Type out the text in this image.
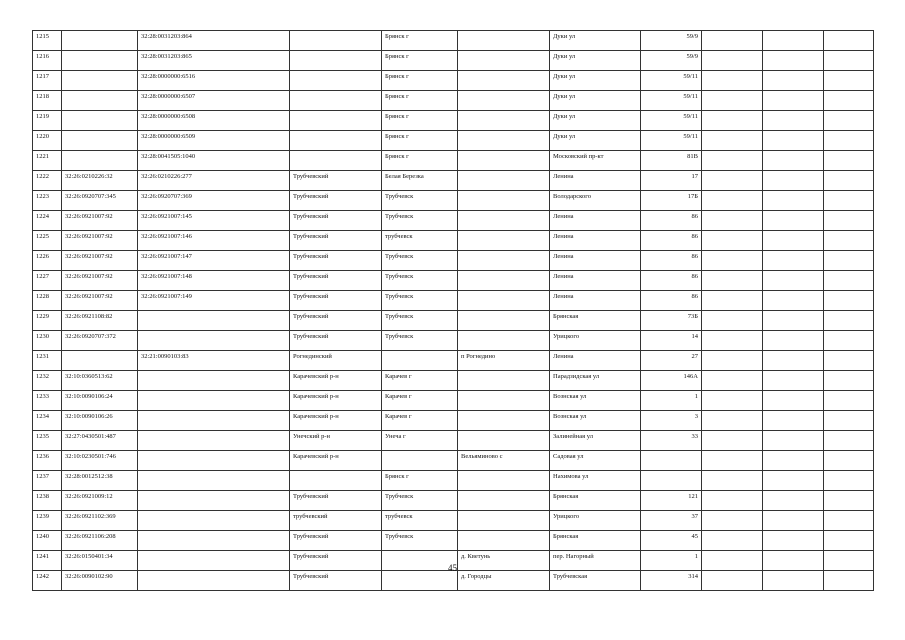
1215		32:28:0031203:864		Брянск г		Дуки ул	59/9			
1216		32:28:0031203:865		Брянск г		Дуки ул	59/9			
1217		32:28:0000000:6516		Брянск г		Дуки ул	59/11			
1218		32:28:0000000:6507		Брянск г		Дуки ул	59/11			
1219		32:28:0000000:6508		Брянск г		Дуки ул	59/11			
1220		32:28:0000000:6509		Брянск г		Дуки ул	59/11			
1221		32:28:0041505:1040		Брянск г		Московский пр-кт	81В			
1222	32:26:0210226:32	32:26:0210226:277	Трубчевский	Белая Березка		Ленина	17			
1223	32:26:0920707:345	32:26:0920707:369	Трубчевский	Трубчевск		Володарского	17Б			
1224	32:26:0921007:92	32:26:0921007:145	Трубчевский	Трубчевск		Ленина	86			
1225	32:26:0921007:92	32:26:0921007:146	Трубчевский	трубчевск		Ленина	86			
1226	32:26:0921007:92	32:26:0921007:147	Трубчевский	Трубчевск		Ленина	86			
1227	32:26:0921007:92	32:26:0921007:148	Трубчевский	Трубчевск		Ленина	86			
1228	32:26:0921007:92	32:26:0921007:149	Трубчевский	Трубчевск		Ленина	86			
1229	32:26:0921108:82		Трубчевский	Трубчевск		Брянская	73Б			
1230	32:26:0920707:372		Трубчевский	Трубчевск		Урицкого	14			
1231		32:21:0090103:83	Рогнединский		п Рогнедино	Ленина	27			
1232	32:10:0360513:62		Карачевский р-н	Карачев г		Парадзидская ул	146А			
1233	32:10:0090106:24		Карачевский р-н	Карачев г		Вознская ул	1			
1234	32:10:0090106:26		Карачевский р-н	Карачев г		Вознская ул	3			
1235	32:27:0430501:487		Унечский р-н	Унеча г		Залинейная ул	33			
1236	32:10:0230501:746		Карачевский р-н		Вельяминово с	Садовая ул				
1237	32:28:0012512:38			Брянск г		Нахимова ул				
1238	32:26:0921009:12		Трубчевский	Трубчевск		Брянская	121			
1239	32:26:0921102:369		трубчевский	трубчевск		Урицкого	37			
1240	32:26:0921106:208		Трубчевский	Трубчевск		Брянская	45			
1241	32:26:0150401:34		Трубчевский		д. Кветунь	пер. Нагорный	1			
1242	32:26:0090102:90		Трубчевский		д. Городцы	Трубчевская	314			
45
